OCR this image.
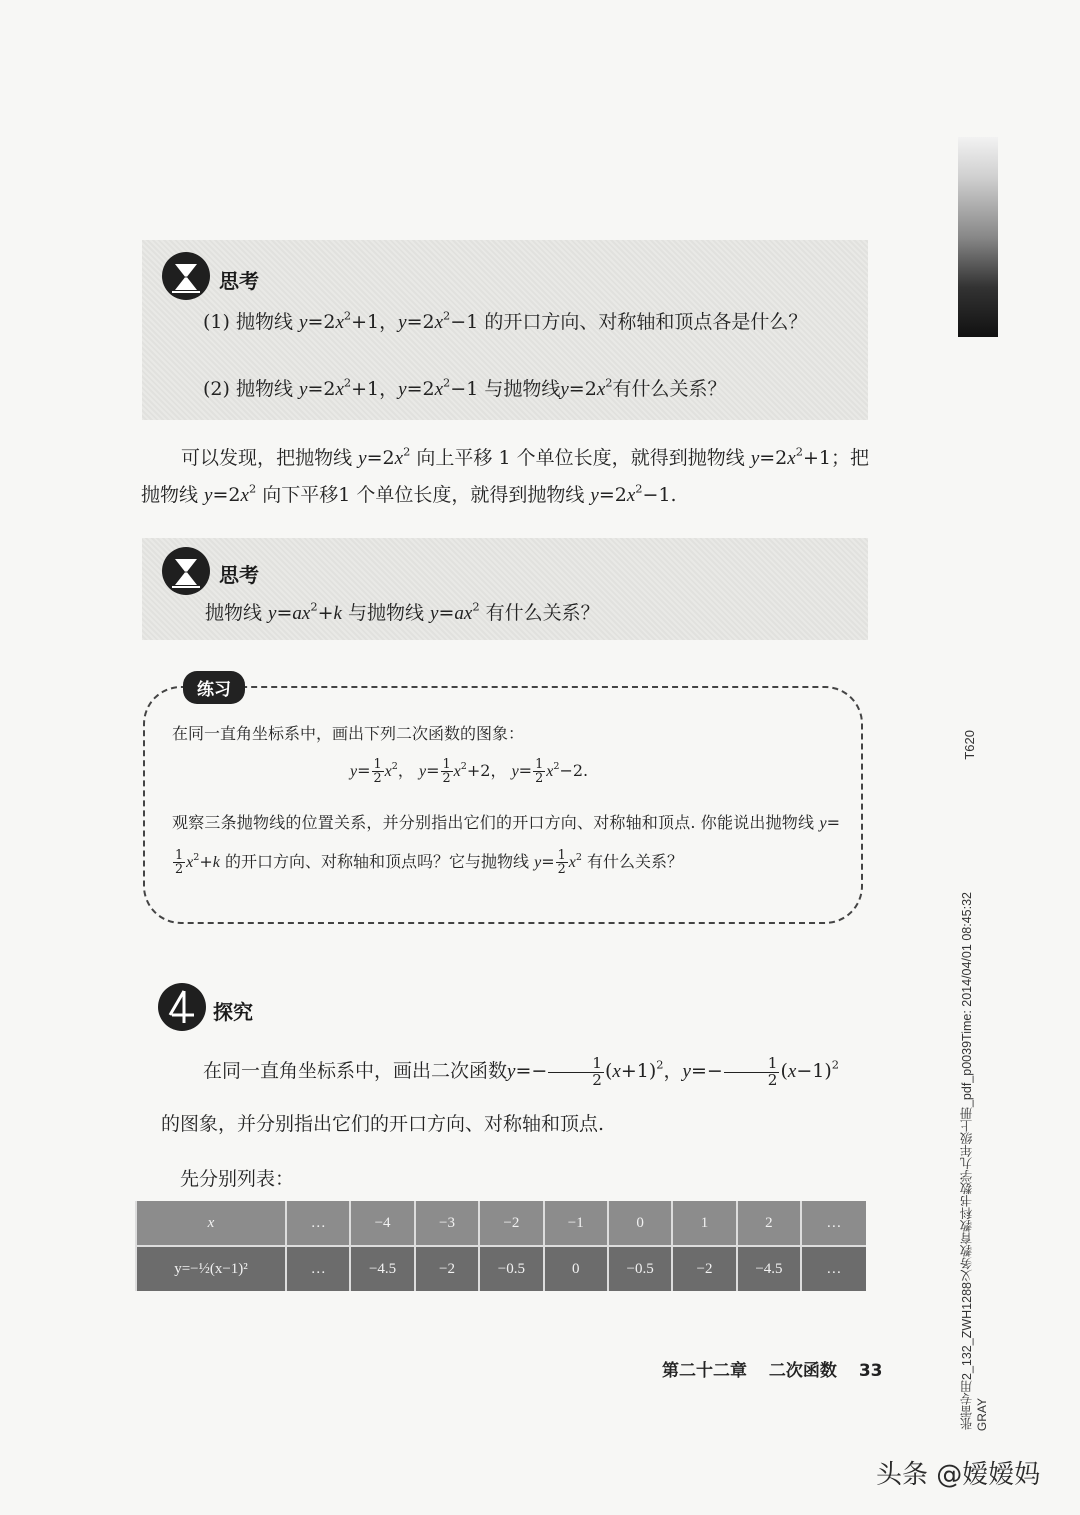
思考
(1) 抛物线 $y=2x^2+1$，$y=2x^2-1$ 的开口方向、对称轴和顶点各是什么？
(2) 抛物线 $y=2x^2+1$，$y=2x^2-1$ 与抛物线$y=2x^2$有什么关系？
可以发现，把抛物线 $y=2x^2$ 向上平移 1 个单位长度，就得到抛物线 $y=2x^2+1$；把抛物线 $y=2x^2$ 向下平移1 个单位长度，就得到抛物线 $y=2x^2-1$.
思考
抛物线 $y=ax^2+k$ 与抛物线 $y=ax^2$ 有什么关系？
练习
在同一直角坐标系中，画出下列二次函数的图象：
$y= \frac{1}{2} x^2$， $y= \frac{1}{2} x^2+2$， $y= \frac{1}{2} x^2-2$.
观察三条抛物线的位置关系，并分别指出它们的开口方向、对称轴和顶点. 你能说出抛物线 y=
$\frac{1}{2} x^2+k$ 的开口方向、对称轴和顶点吗？它与抛物线 $y= \frac{1}{2} x^2$ 有什么关系？
探究
在同一直角坐标系中，画出二次函数$y=- \frac{1}{2} (x+1)^2$，$y=- \frac{1}{2} (x-1)^2$ 的图象，并分别指出它们的开口方向、对称轴和顶点.
先分别列表：
x	…	−4	−3	−2	−1	0	1	2	…
y=−½(x−1)²	…	−4.5	−2	−0.5	0	−0.5	−2	−4.5	…
第二十二章 二次函数 33
T620
张雷专用2_132_ZWH1288义务教育教科书数学九年级上册_pdf_p0039Time: 2014/04/01 08:45:32 GRAY
头条 @嫒嫒妈
